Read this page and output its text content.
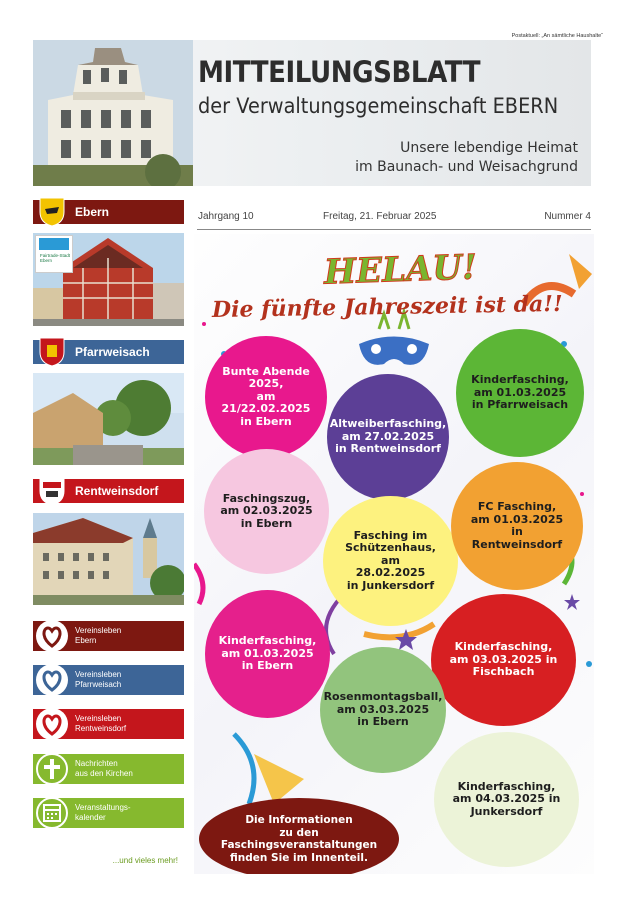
Postaktuell: „An sämtliche Haushalte“
MITTEILUNGSBLATT
der Verwaltungsgemeinschaft EBERN
Unsere lebendige Heimat
im Baunach- und Weisachgrund
Ebern
Fairtrade-Stadt Ebern
Pfarrweisach
Rentweinsdorf
Vereinsleben
Ebern
Vereinsleben
Pfarrweisach
Vereinsleben
Rentweinsdorf
Nachrichten
aus den Kirchen
Veranstaltungs-
kalender
...und vieles mehr!
Jahrgang 10	Freitag, 21. Februar 2025	Nummer 4
HELAU!
Die fünfte Jahreszeit ist da!!
Bunte Abende
2025,
am 21/22.02.2025
in Ebern	Altweiberfasching,
am 27.02.2025
in Rentweinsdorf
Kinderfasching,
am 01.03.2025
in Pfarrweisach
Faschingszug,
am 02.03.2025
in Ebern
Fasching im
Schützenhaus, am
28.02.2025
in Junkersdorf
FC Fasching,
am 01.03.2025
in Rentweinsdorf
Kinderfasching,
am 01.03.2025
in Ebern
Kinderfasching,
am 03.03.2025 in
Fischbach
Rosenmontagsball,
am 03.03.2025
in Ebern
Kinderfasching,
am 04.03.2025 in
Junkersdorf
Die Informationen
zu den
Faschingsveranstaltungen
finden Sie im Innenteil.
